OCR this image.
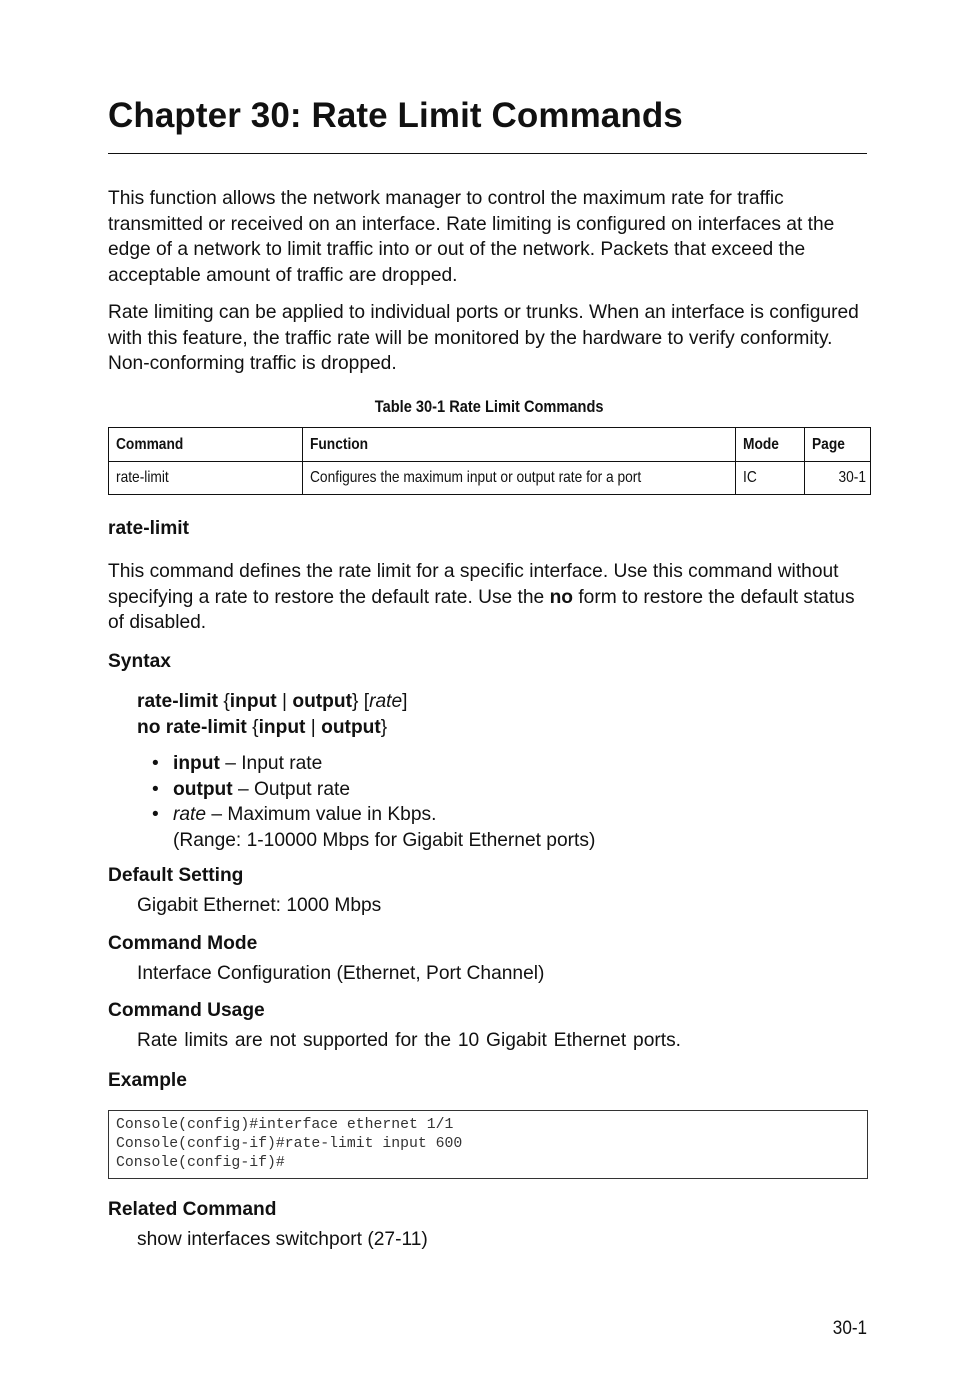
Chapter 30: Rate Limit Commands

This function allows the network manager to control the maximum rate for traffic transmitted or received on an interface. Rate limiting is configured on interfaces at the edge of a network to limit traffic into or out of the network. Packets that exceed the acceptable amount of traffic are dropped.

Rate limiting can be applied to individual ports or trunks. When an interface is configured with this feature, the traffic rate will be monitored by the hardware to verify conformity. Non-conforming traffic is dropped.

Table 30-1 Rate Limit Commands
Command	Function	Mode	Page
rate-limit	Configures the maximum input or output rate for a port	IC	30-1
rate-limit

This command defines the rate limit for a specific interface. Use this command without specifying a rate to restore the default rate. Use the no form to restore the default status of disabled.

Syntax
rate-limit {input | output} [rate]
no rate-limit {input | output}
• input – Input rate
• output – Output rate
• rate – Maximum value in Kbps.
(Range: 1-10000 Mbps for Gigabit Ethernet ports)
Default Setting

Gigabit Ethernet: 1000 Mbps

Command Mode

Interface Configuration (Ethernet, Port Channel)

Command Usage

Rate limits are not supported for the 10 Gigabit Ethernet ports.

Example
Console(config)#interface ethernet 1/1
Console(config-if)#rate-limit input 600
Console(config-if)#
Related Command

show interfaces switchport (27-11)

30-1
